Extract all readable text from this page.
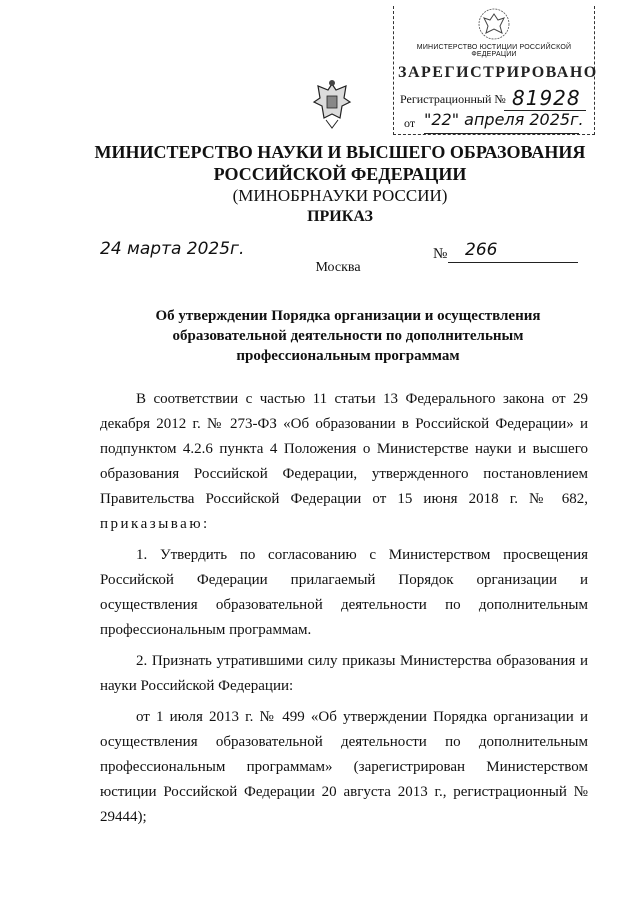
МИНИСТЕРСТВО ЮСТИЦИИ РОССИЙСКОЙ ФЕДЕРАЦИИ
ЗАРЕГИСТРИРОВАНО
Регистрационный № 81928
от "22" апреля 2025г.
МИНИСТЕРСТВО НАУКИ И ВЫСШЕГО ОБРАЗОВАНИЯ
РОССИЙСКОЙ ФЕДЕРАЦИИ
(МИНОБРНАУКИ РОССИИ)
ПРИКАЗ
24 марта 2025г.	№ 266
Москва
Об утверждении Порядка организации и осуществления
образовательной деятельности по дополнительным
профессиональным программам

В соответствии с частью 11 статьи 13 Федерального закона от 29 декабря 2012 г. № 273-ФЗ «Об образовании в Российской Федерации» и подпунктом 4.2.6 пункта 4 Положения о Министерстве науки и высшего образования Российской Федерации, утвержденного постановлением Правительства Российской Федерации от 15 июня 2018 г. № 682, приказываю:

1. Утвердить по согласованию с Министерством просвещения Российской Федерации прилагаемый Порядок организации и осуществления образовательной деятельности по дополнительным профессиональным программам.

2. Признать утратившими силу приказы Министерства образования и науки Российской Федерации:

от 1 июля 2013 г. № 499 «Об утверждении Порядка организации и осуществления образовательной деятельности по дополнительным профессиональным программам» (зарегистрирован Министерством юстиции Российской Федерации 20 августа 2013 г., регистрационный № 29444);
